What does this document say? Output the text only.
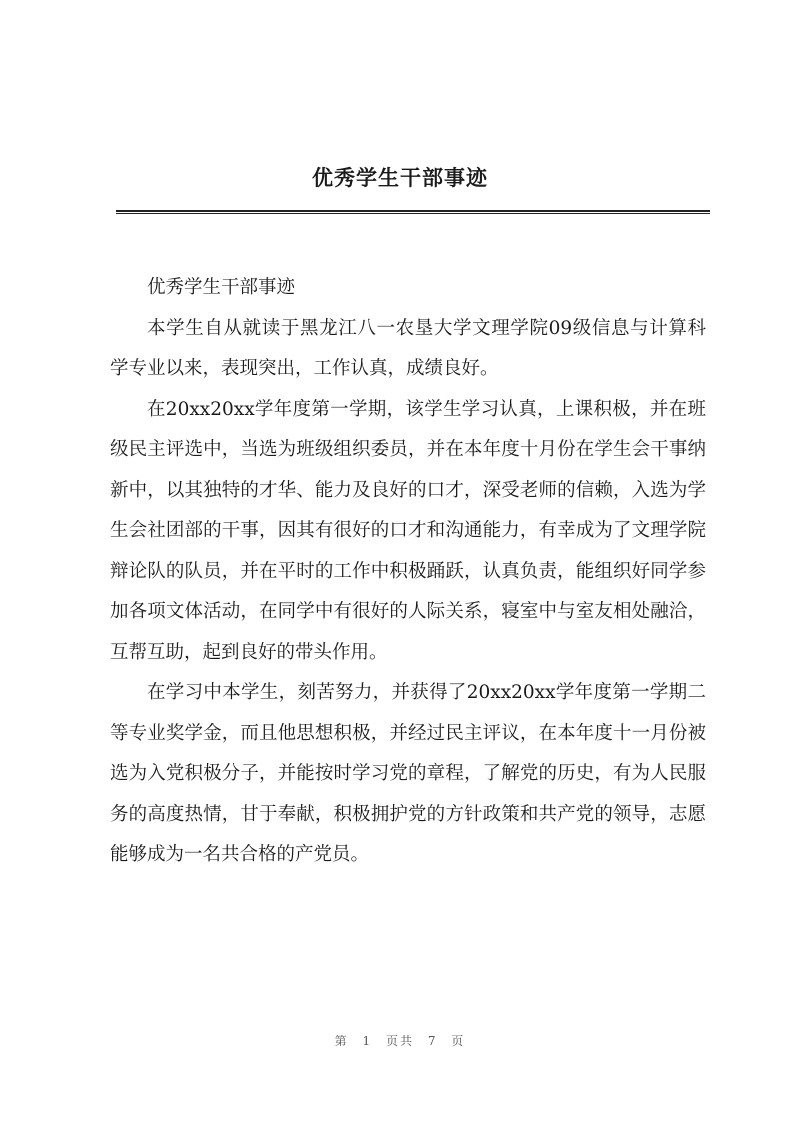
优秀学生干部事迹

优秀学生干部事迹

本学生自从就读于黑龙江八一农垦大学文理学院09级信息与计算科学专业以来，表现突出，工作认真，成绩良好。

在20xx20xx学年度第一学期，该学生学习认真，上课积极，并在班级民主评选中，当选为班级组织委员，并在本年度十月份在学生会干事纳新中，以其独特的才华、能力及良好的口才，深受老师的信赖，入选为学生会社团部的干事，因其有很好的口才和沟通能力，有幸成为了文理学院辩论队的队员，并在平时的工作中积极踊跃，认真负责，能组织好同学参加各项文体活动，在同学中有很好的人际关系，寝室中与室友相处融洽，互帮互助，起到良好的带头作用。

在学习中本学生，刻苦努力，并获得了20xx20xx学年度第一学期二等专业奖学金，而且他思想积极，并经过民主评议，在本年度十一月份被选为入党积极分子，并能按时学习党的章程，了解党的历史，有为人民服务的高度热情，甘于奉献，积极拥护党的方针政策和共产党的领导，志愿能够成为一名共合格的产党员。

第 1 页共 7 页
